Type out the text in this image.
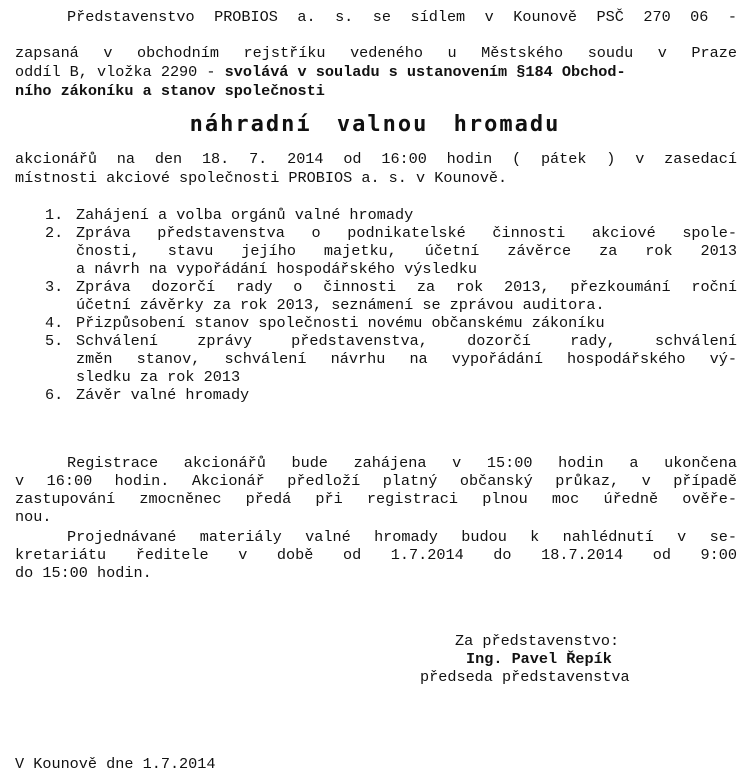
Představenstvo PROBIOS a. s. se sídlem v Kounově PSČ 270 06 -
zapsaná v obchodním rejstříku vedeného u Městského soudu v Praze
oddíl B, vložka 2290 - svolává v souladu s ustanovením §184 Obchod-
ního zákoníku a stanov společnosti
náhradní valnou hromadu
akcionářů na den 18. 7. 2014 od 16:00 hodin ( pátek ) v zasedací
místnosti akciové společnosti PROBIOS a. s. v Kounově.
1. Zahájení a volba orgánů valné hromady
2. Zpráva představenstva o podnikatelské činnosti akciové spole-
čnosti, stavu jejího majetku, účetní závěrce za rok 2013
a návrh na vypořádání hospodářského výsledku
3. Zpráva dozorčí rady o činnosti za rok 2013, přezkoumání roční
účetní závěrky za rok 2013, seznámení se zprávou auditora.
4. Přizpůsobení stanov společnosti novému občanskému zákoníku
5. Schválení zprávy představenstva, dozorčí rady, schválení
změn stanov, schválení návrhu na vypořádání hospodářského vý-
sledku za rok 2013
6. Závěr valné hromady
Registrace akcionářů bude zahájena v 15:00 hodin a ukončena
v 16:00 hodin. Akcionář předloží platný občanský průkaz, v případě
zastupování zmocněnec předá při registraci plnou moc úředně ověře-
nou.
Projednávané materiály valné hromady budou k nahlédnutí v se-
kretariátu ředitele v době od 1.7.2014 do 18.7.2014 od 9:00
do 15:00 hodin.
Za představenstvo:
Ing. Pavel Řepík
předseda představenstva
V Kounově dne 1.7.2014
